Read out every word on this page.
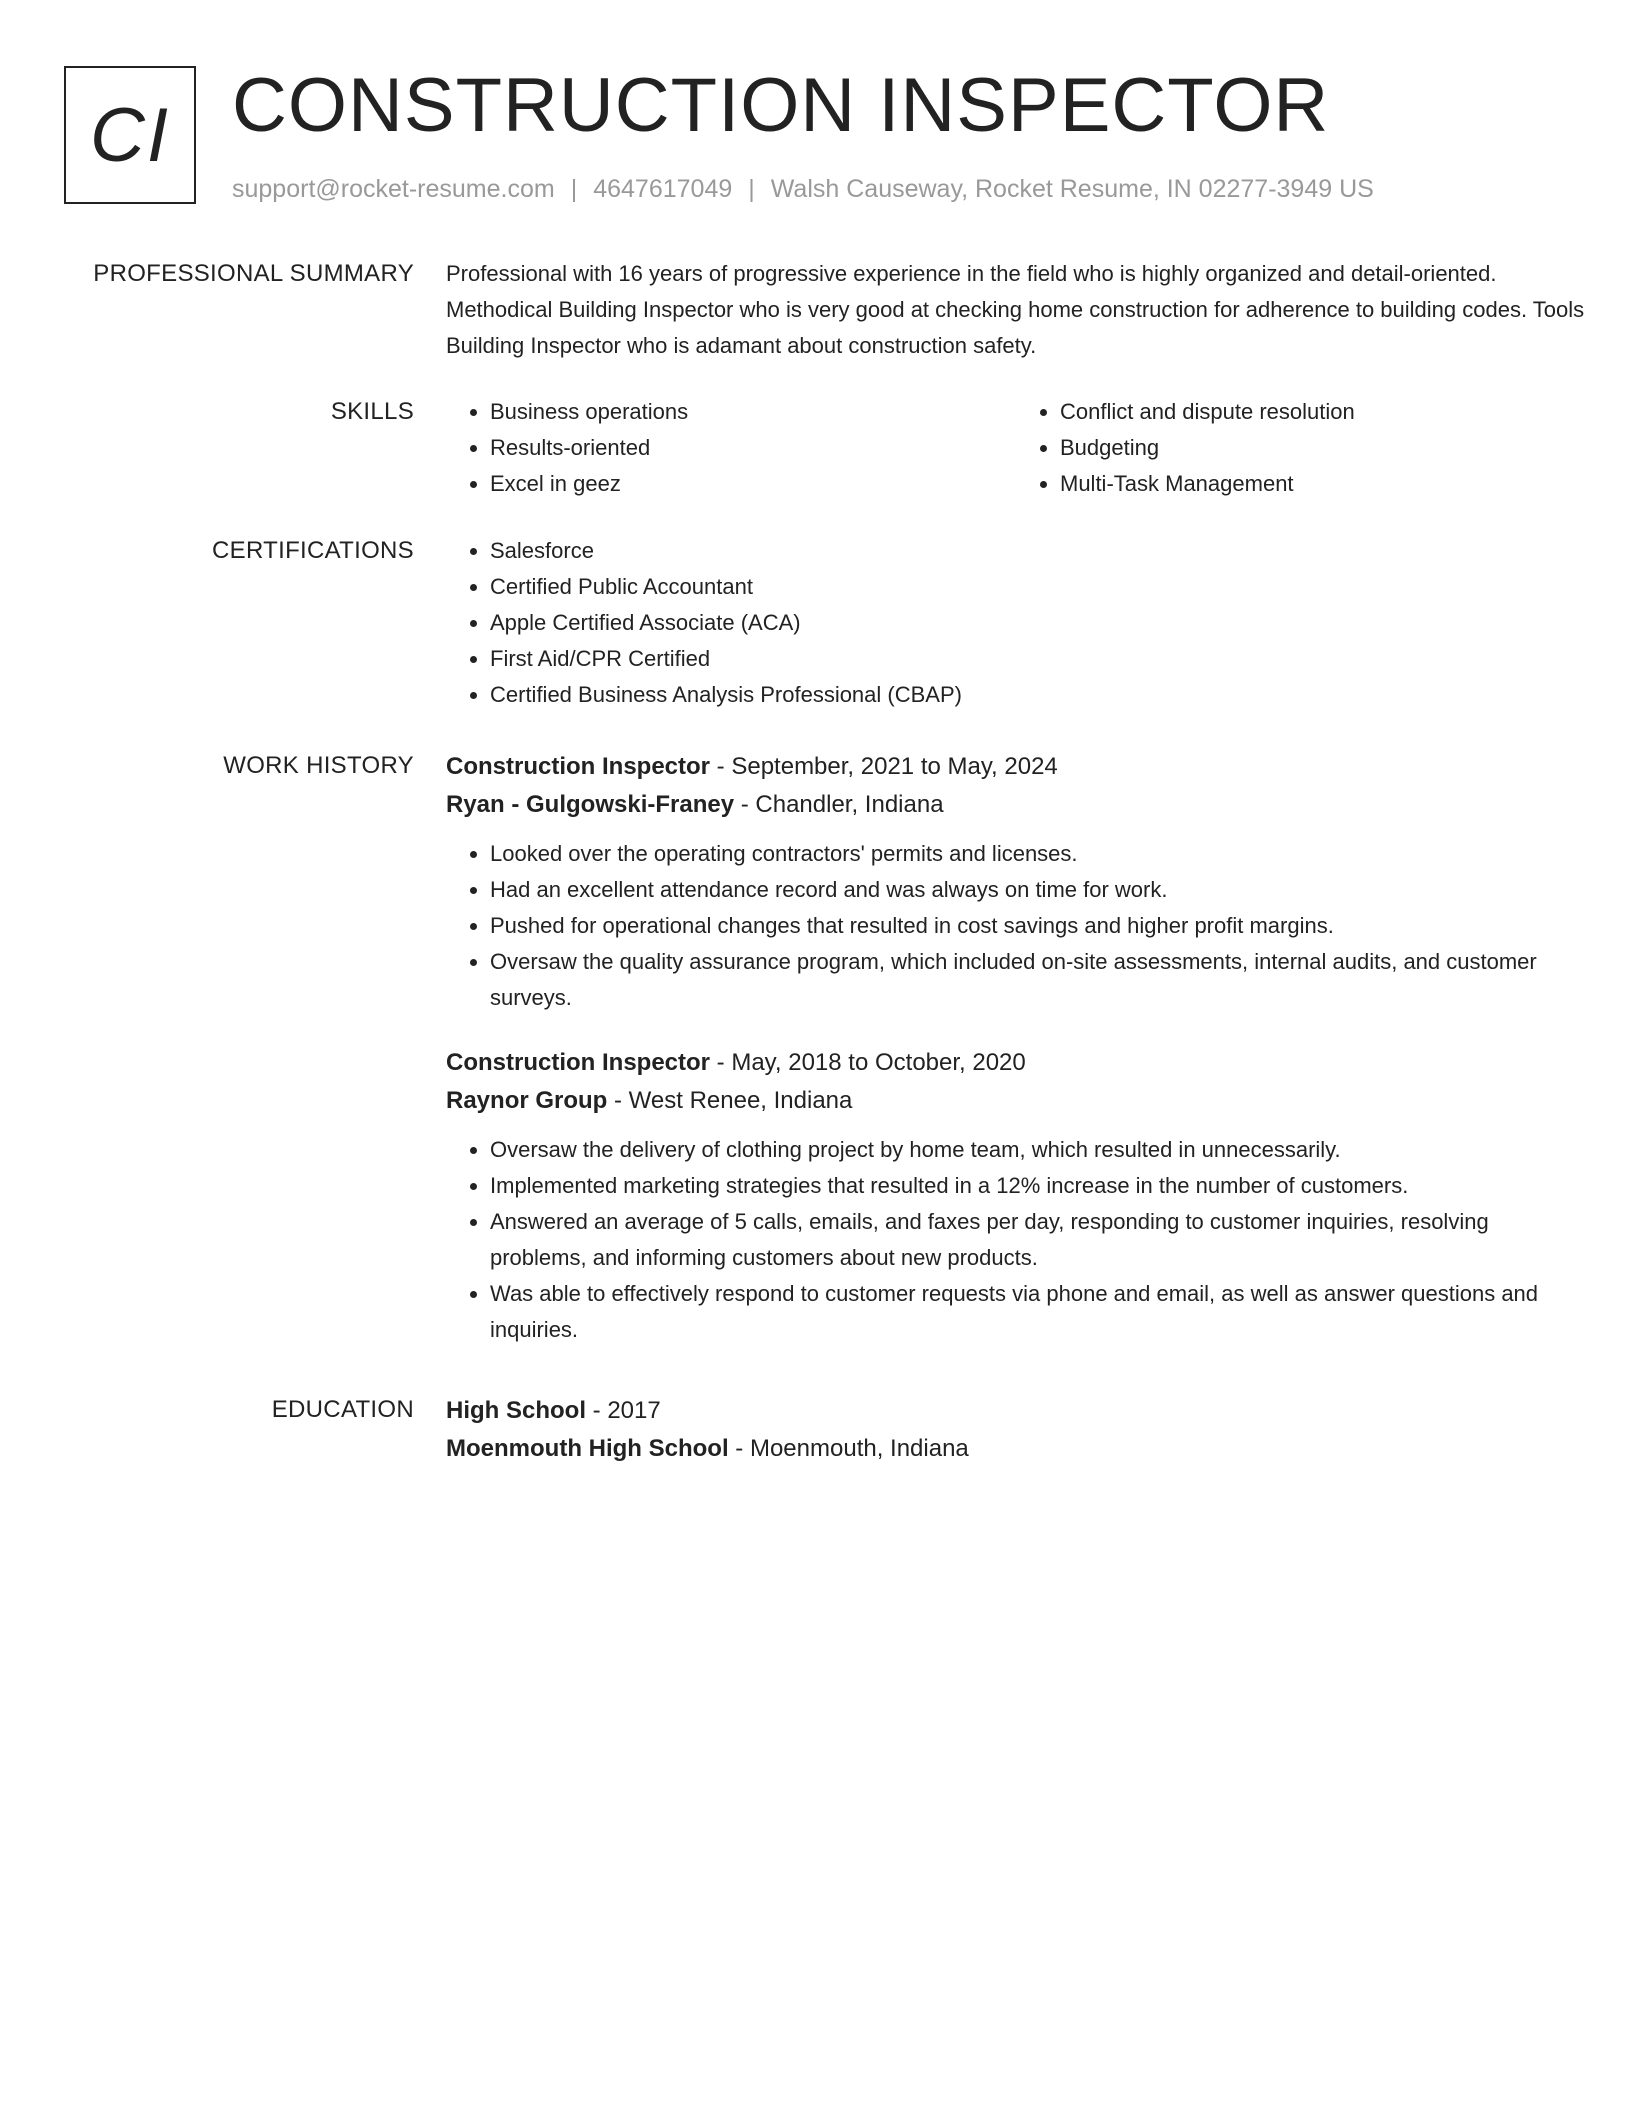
CI CONSTRUCTION INSPECTOR
support@rocket-resume.com | 4647617049 | Walsh Causeway, Rocket Resume, IN 02277-3949 US
PROFESSIONAL SUMMARY Professional with 16 years of progressive experience in the field who is highly organized and detail-oriented. Methodical Building Inspector who is very good at checking home construction for adherence to building codes. Tools Building Inspector who is adamant about construction safety.

SKILLS	• Business operations
• Results-oriented
• Excel in geez
• Conflict and dispute resolution
• Budgeting
• Multi-Task Management
CERTIFICATIONS	• Salesforce
• Certified Public Accountant
• Apple Certified Associate (ACA)
• First Aid/CPR Certified
• Certified Business Analysis Professional (CBAP)
WORK HISTORY Construction Inspector - September, 2021 to May, 2024
Ryan - Gulgowski-Franey - Chandler, Indiana
• Looked over the operating contractors' permits and licenses.
• Had an excellent attendance record and was always on time for work.
• Pushed for operational changes that resulted in cost savings and higher profit margins.
• Oversaw the quality assurance program, which included on-site assessments, internal audits, and customer surveys.
Construction Inspector - May, 2018 to October, 2020
Raynor Group - West Renee, Indiana
• Oversaw the delivery of clothing project by home team, which resulted in unnecessarily.
• Implemented marketing strategies that resulted in a 12% increase in the number of customers.
• Answered an average of 5 calls, emails, and faxes per day, responding to customer inquiries, resolving problems, and informing customers about new products.
• Was able to effectively respond to customer requests via phone and email, as well as answer questions and inquiries.
EDUCATION High School - 2017
Moenmouth High School - Moenmouth, Indiana
